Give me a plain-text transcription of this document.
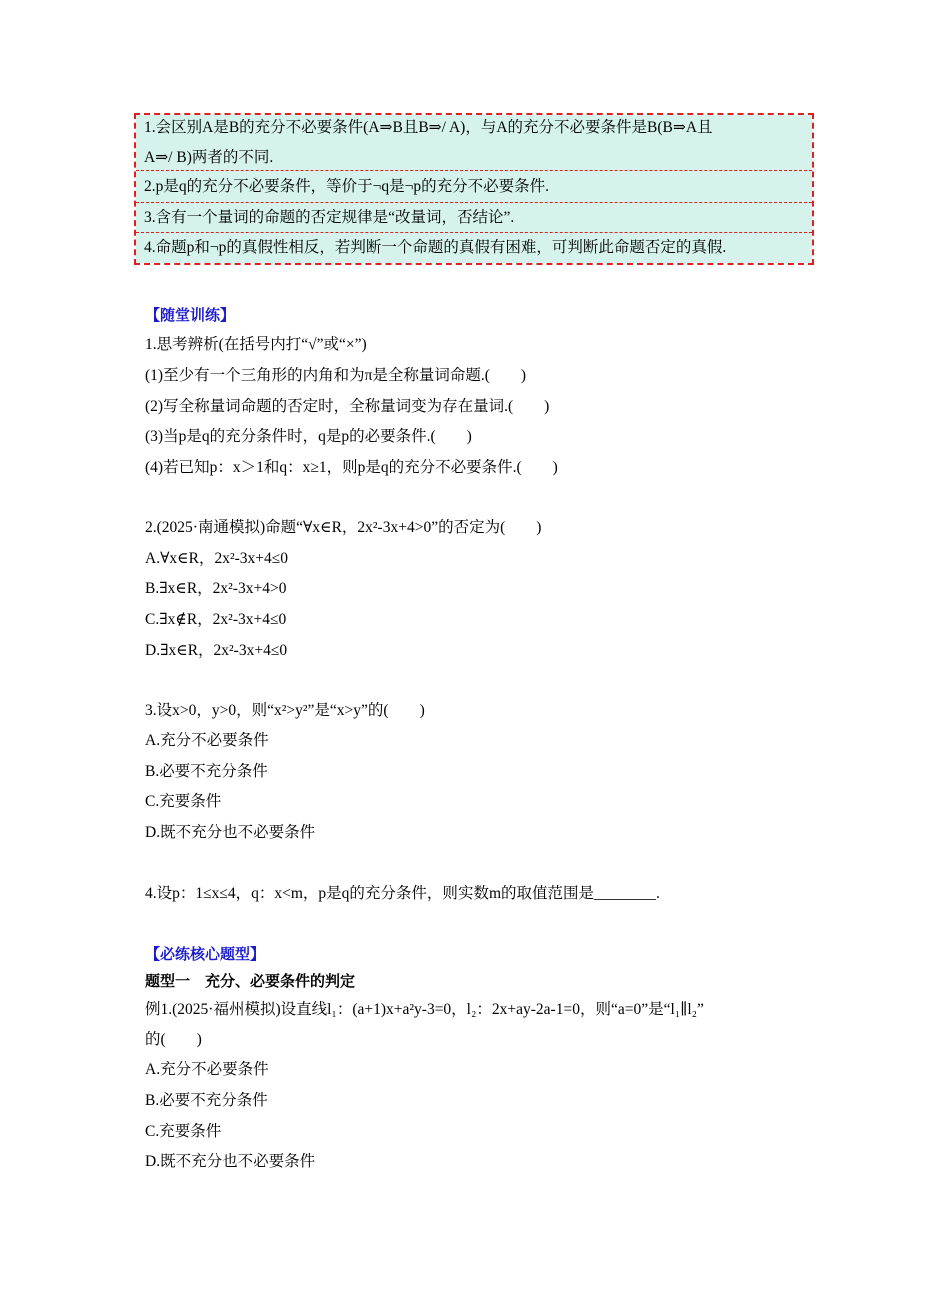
1.会区别A是B的充分不必要条件(A⇒B且B⇒/ A)，与A的充分不必要条件是B(B⇒A且
A⇒/ B)两者的不同.
2.p是q的充分不必要条件，等价于¬q是¬p的充分不必要条件.
3.含有一个量词的命题的否定规律是“改量词，否结论”.
4.命题p和¬p的真假性相反，若判断一个命题的真假有困难，可判断此命题否定的真假.
【随堂训练】
1.思考辨析(在括号内打“√”或“×”)
(1)至少有一个三角形的内角和为π是全称量词命题.(　　)
(2)写全称量词命题的否定时，全称量词变为存在量词.(　　)
(3)当p是q的充分条件时，q是p的必要条件.(　　)
(4)若已知p：x＞1和q：x≥1，则p是q的充分不必要条件.(　　)
2.(2025·南通模拟)命题“∀x∈R，2x²-3x+4>0”的否定为(　　)
A.∀x∈R，2x²-3x+4≤0
B.∃x∈R，2x²-3x+4>0
C.∃x∉R，2x²-3x+4≤0
D.∃x∈R，2x²-3x+4≤0
3.设x>0，y>0，则“x²>y²”是“x>y”的(　　)
A.充分不必要条件
B.必要不充分条件
C.充要条件
D.既不充分也不必要条件
4.设p：1≤x≤4，q：x<m，p是q的充分条件，则实数m的取值范围是________.
【必练核心题型】
题型一　充分、必要条件的判定
例1.(2025·福州模拟)设直线l₁：(a+1)x+a²y-3=0，l₂：2x+ay-2a-1=0，则“a=0”是“l₁∥l₂”
的(　　)
A.充分不必要条件
B.必要不充分条件
C.充要条件
D.既不充分也不必要条件
